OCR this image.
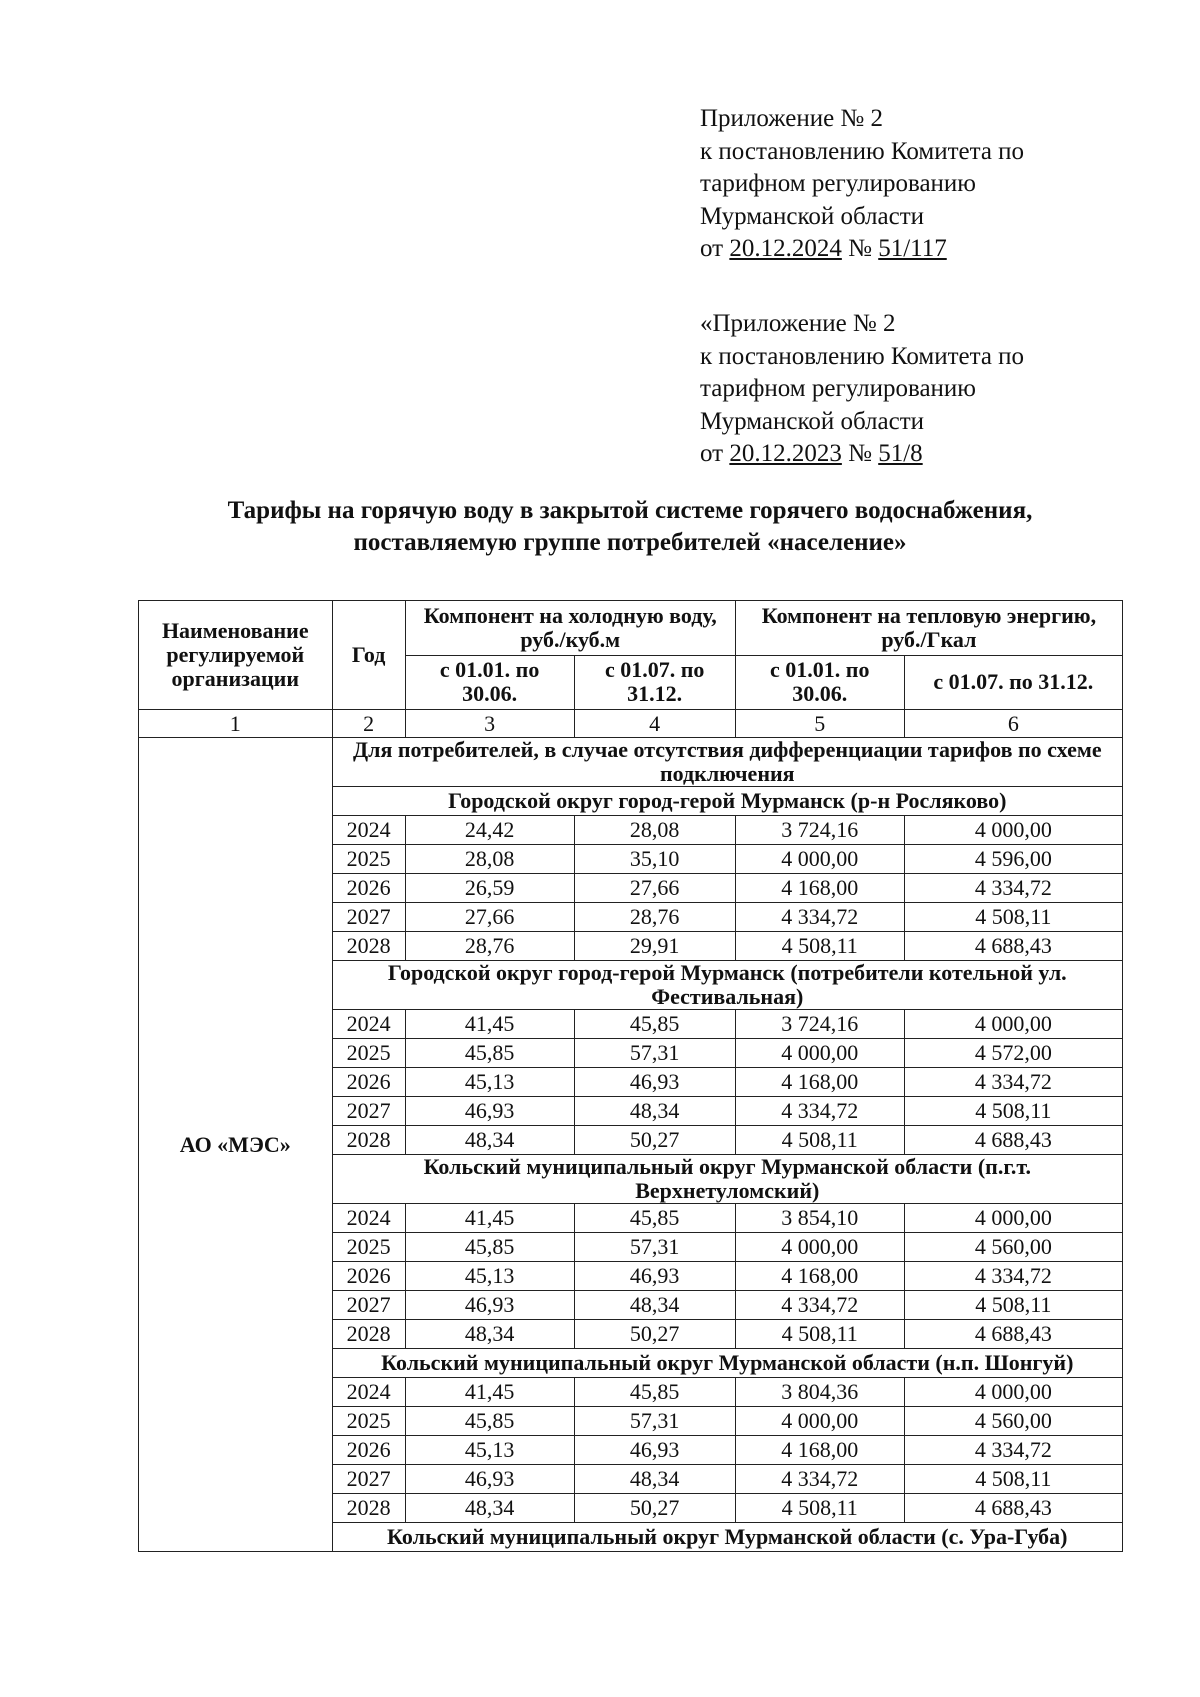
Приложение № 2
к постановлению Комитета по
тарифном регулированию
Мурманской области
от 20.12.2024 № 51/117
«Приложение № 2
к постановлению Комитета по
тарифном регулированию
Мурманской области
от 20.12.2023 № 51/8
Тарифы на горячую воду в закрытой системе горячего водоснабжения,
поставляемую группе потребителей «население»
Наименование регулируемой организации	Год	Компонент на холодную воду, руб./куб.м		Компонент на тепловую энергию, руб./Гкал	
		с 01.01. по 30.06.	с 01.07. по 31.12.	с 01.01. по 30.06.	с 01.07. по 31.12.
1	2	3	4	5	6
АО «МЭС»	Для потребителей, в случае отсутствия дифференциации тарифов по схеме подключения				
	Городской округ город-герой Мурманск (р-н Росляково)				
	2024	24,42	28,08	3 724,16	4 000,00
	2025	28,08	35,10	4 000,00	4 596,00
	2026	26,59	27,66	4 168,00	4 334,72
	2027	27,66	28,76	4 334,72	4 508,11
	2028	28,76	29,91	4 508,11	4 688,43
	Городской округ город-герой Мурманск (потребители котельной ул. Фестивальная)				
	2024	41,45	45,85	3 724,16	4 000,00
	2025	45,85	57,31	4 000,00	4 572,00
	2026	45,13	46,93	4 168,00	4 334,72
	2027	46,93	48,34	4 334,72	4 508,11
	2028	48,34	50,27	4 508,11	4 688,43
	Кольский муниципальный округ Мурманской области (п.г.т. Верхнетуломский)				
	2024	41,45	45,85	3 854,10	4 000,00
	2025	45,85	57,31	4 000,00	4 560,00
	2026	45,13	46,93	4 168,00	4 334,72
	2027	46,93	48,34	4 334,72	4 508,11
	2028	48,34	50,27	4 508,11	4 688,43
	Кольский муниципальный округ Мурманской области (н.п. Шонгуй)				
	2024	41,45	45,85	3 804,36	4 000,00
	2025	45,85	57,31	4 000,00	4 560,00
	2026	45,13	46,93	4 168,00	4 334,72
	2027	46,93	48,34	4 334,72	4 508,11
	2028	48,34	50,27	4 508,11	4 688,43
	Кольский муниципальный округ Мурманской области (с. Ура-Губа)				
